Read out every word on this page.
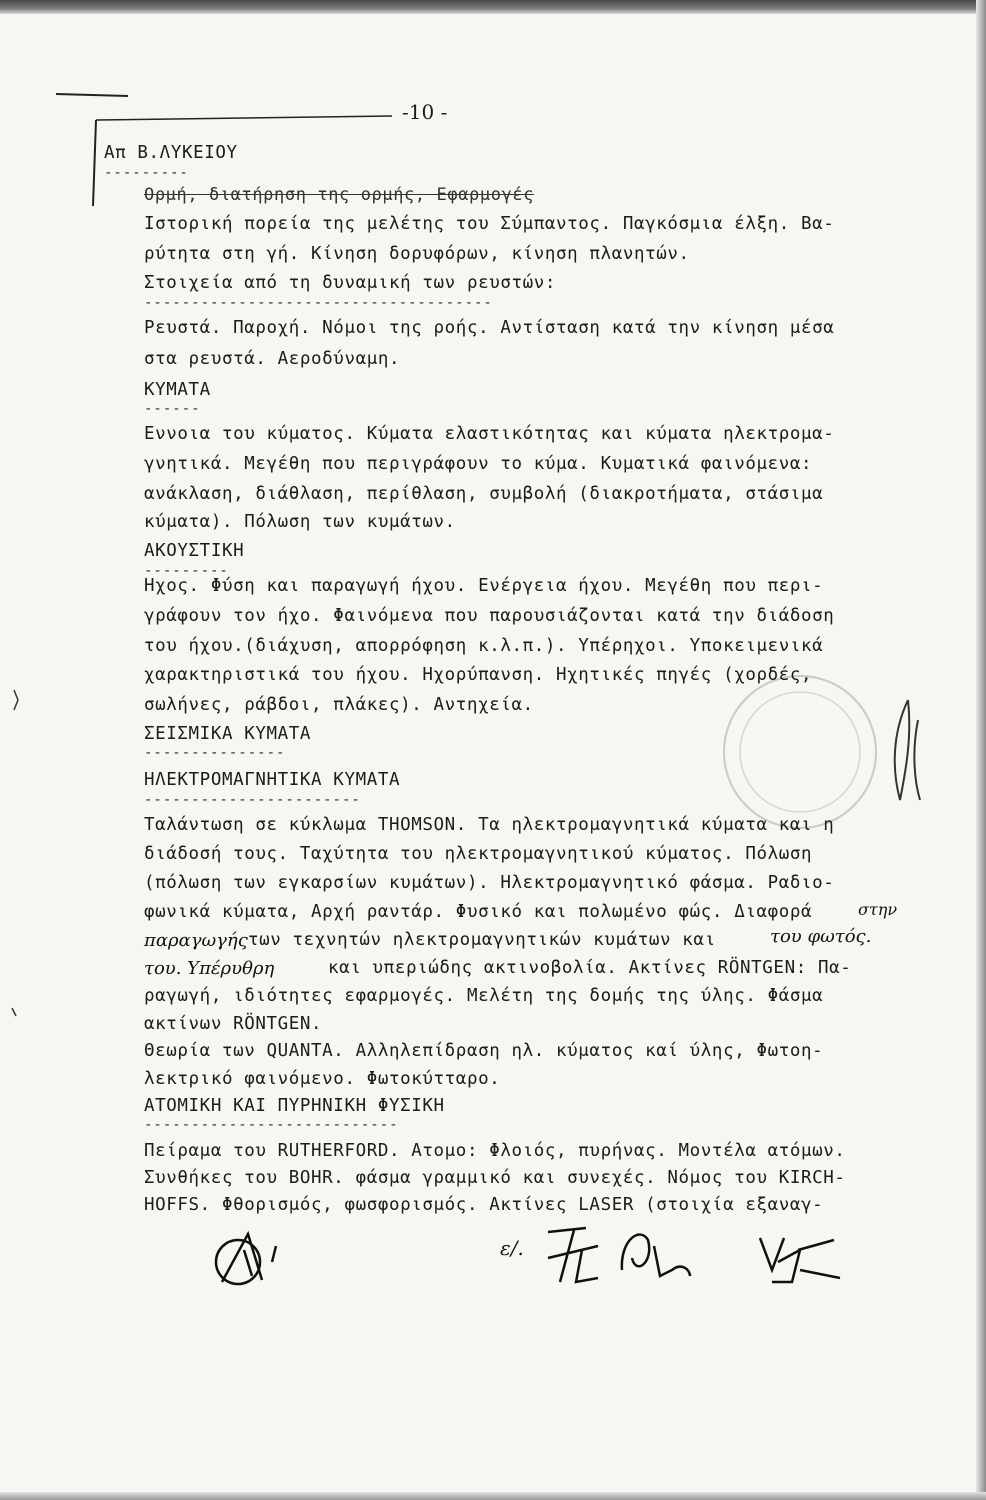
-10 -
Απ Β.ΛΥΚΕΙΟΥ
---------
Ορμή, διατήρηση της ορμής, Εφαρμογές
Ιστορική πορεία της μελέτης του Σύμπαντος. Παγκόσμια έλξη. Βα-
ρύτητα στη γή. Κίνηση δορυφόρων, κίνηση πλανητών.
Στοιχεία από τη δυναμική των ρευστών:
-------------------------------------
Ρευστά. Παροχή. Νόμοι της ροής. Αντίσταση κατά την κίνηση μέσα
στα ρευστά. Αεροδύναμη.
ΚΥΜΑΤΑ
------
Εννοια του κύματος. Κύματα ελαστικότητας και κύματα ηλεκτρομα-
γνητικά. Μεγέθη που περιγράφουν το κύμα. Κυματικά φαινόμενα:
ανάκλαση, διάθλαση, περίθλαση, συμβολή (διακροτήματα, στάσιμα
κύματα). Πόλωση των κυμάτων.
ΑΚΟΥΣΤΙΚΗ
---------
Ηχος. Φύση και παραγωγή ήχου. Ενέργεια ήχου. Μεγέθη που περι-
γράφουν τον ήχο. Φαινόμενα που παρουσιάζονται κατά την διάδοση
του ήχου.(διάχυση, απορρόφηση κ.λ.π.). Υπέρηχοι. Υποκειμενικά
χαρακτηριστικά του ήχου. Ηχορύπανση. Ηχητικές πηγές (χορδές,
σωλήνες, ράβδοι, πλάκες). Αντηχεία.
ΣΕΙΣΜΙΚΑ ΚΥΜΑΤΑ
---------------
ΗΛΕΚΤΡΟΜΑΓΝΗΤΙΚΑ ΚΥΜΑΤΑ
-----------------------
Ταλάντωση σε κύκλωμα THOMSON. Τα ηλεκτρομαγνητικά κύματα και η
διάδοσή τους. Ταχύτητα του ηλεκτρομαγνητικού κύματος. Πόλωση
(πόλωση των εγκαρσίων κυμάτων). Ηλεκτρομαγνητικό φάσμα. Ραδιο-
φωνικά κύματα, Αρχή ραντάρ. Φυσικό και πολωμένο φώς. Διαφορά
των τεχνητών ηλεκτρομαγνητικών κυμάτων και
και υπεριώδης ακτινοβολία. Ακτίνες RÖNTGEN: Πα-
ραγωγή, ιδιότητες εφαρμογές. Μελέτη της δομής της ύλης. Φάσμα
ακτίνων RÖNTGEN.
Θεωρία των QUANTA. Αλληλεπίδραση ηλ. κύματος καί ύλης, Φωτοη-
λεκτρικό φαινόμενο. Φωτοκύτταρο.
ΑΤΟΜΙΚΗ ΚΑΙ ΠΥΡΗΝΙΚΗ ΦΥΣΙΚΗ
---------------------------
Πείραμα του RUTHERFORD. Ατομο: Φλοιός, πυρήνας. Μοντέλα ατόμων.
Συνθήκες του BOHR. φάσμα γραμμικό και συνεχές. Νόμος του KIRCH-
HOFFS. Φθορισμός, φωσφορισμός. Ακτίνες LASER (στοιχία εξαναγ-
στην
παραγωγής	του φωτός.
του. Υπέρυθρη
ε/.
